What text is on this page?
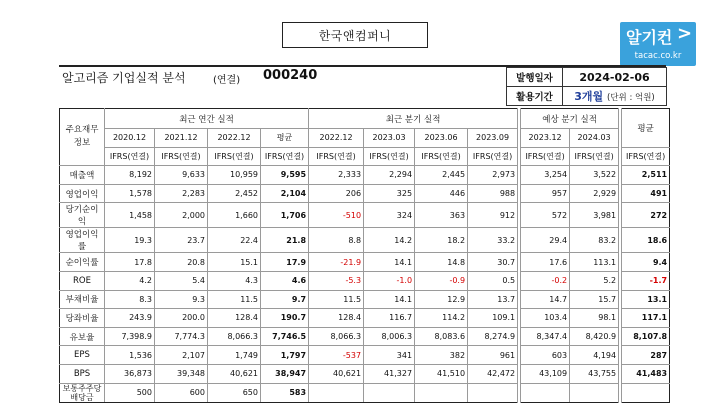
한국앤컴퍼니	알기컨 >
tacac.co.kr
알고리즘 기업실적 분석	(연결) 000240	발행일자	2024-02-06
활용기간	3개월 (단위 : 억원)
주요재무
정보	최근 연간 실적				최근 분기 실적					예상 분기 실적			평균
	2020.12	2021.12	2022.12	평균	2022.12	2023.03	2023.06	2023.09		2023.12	2024.03		
	IFRS(연결)	IFRS(연결)	IFRS(연결)	IFRS(연결)	IFRS(연결)	IFRS(연결)	IFRS(연결)	IFRS(연결)		IFRS(연결)	IFRS(연결)		IFRS(연결)
매출액	8,192	9,633	10,959	9,595	2,333	2,294	2,445	2,973		3,254	3,522		2,511
영업이익	1,578	2,283	2,452	2,104	206	325	446	988		957	2,929		491
당기순이익	1,458	2,000	1,660	1,706	-510	324	363	912		572	3,981		272
영업이익률	19.3	23.7	22.4	21.8	8.8	14.2	18.2	33.2		29.4	83.2		18.6
순이익률	17.8	20.8	15.1	17.9	-21.9	14.1	14.8	30.7		17.6	113.1		9.4
ROE	4.2	5.4	4.3	4.6	-5.3	-1.0	-0.9	0.5		-0.2	5.2		-1.7
부채비율	8.3	9.3	11.5	9.7	11.5	14.1	12.9	13.7		14.7	15.7		13.1
당좌비율	243.9	200.0	128.4	190.7	128.4	116.7	114.2	109.1		103.4	98.1		117.1
유보율	7,398.9	7,774.3	8,066.3	7,746.5	8,066.3	8,006.3	8,083.6	8,274.9		8,347.4	8,420.9		8,107.8
EPS	1,536	2,107	1,749	1,797	-537	341	382	961		603	4,194		287
BPS	36,873	39,348	40,621	38,947	40,621	41,327	41,510	42,472		43,109	43,755		41,483
보통주주당
배당금	500	600	650	583									
